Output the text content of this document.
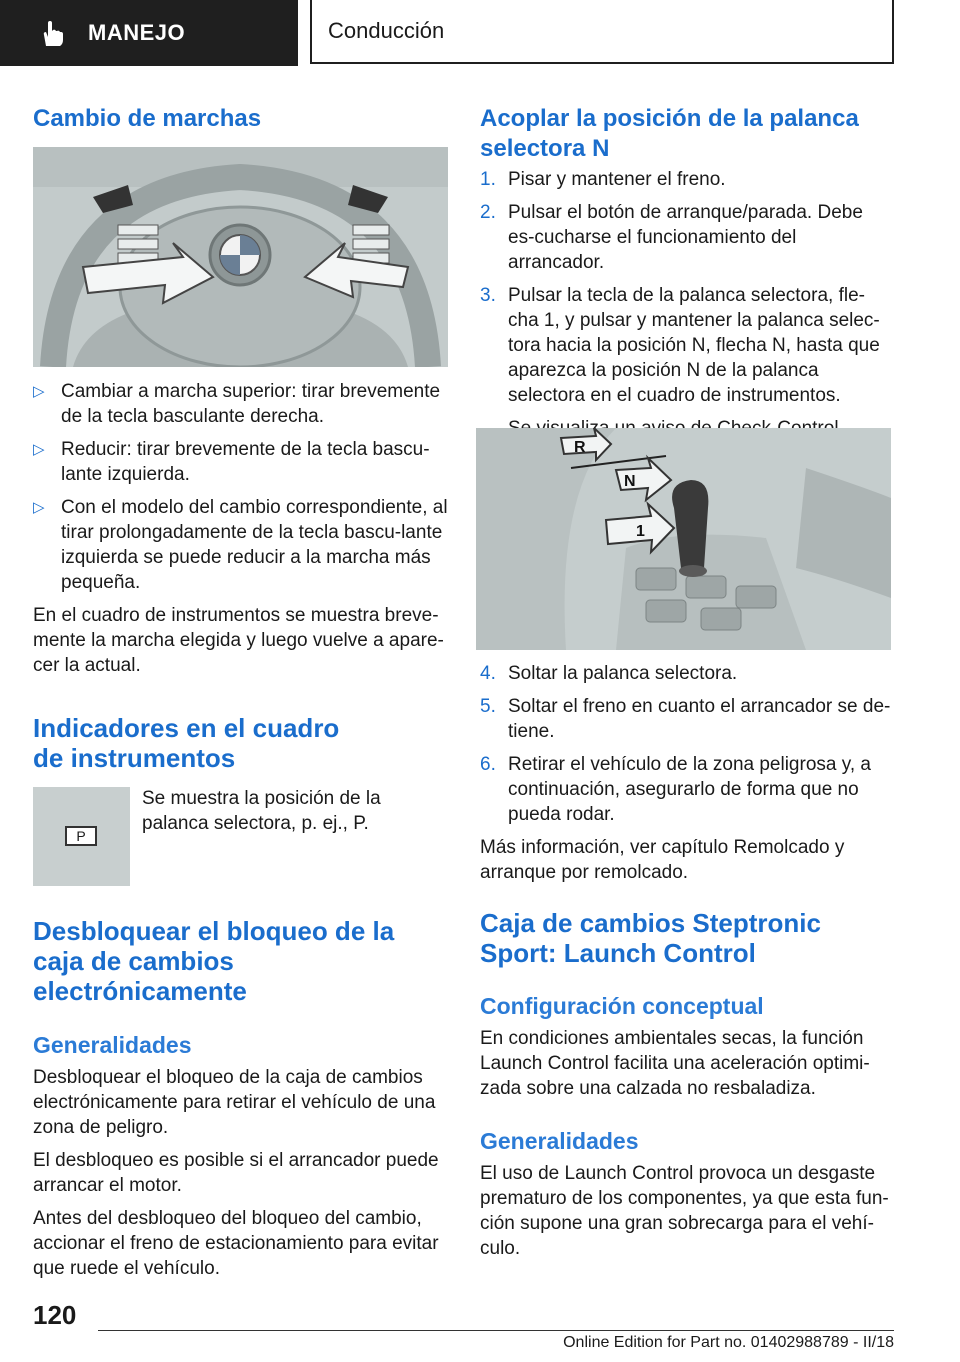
MANEJO	Conducción
Cambio de marchas
▷ Cambiar a marcha superior: tirar brevemente de la tecla basculante derecha.
▷ Reducir: tirar brevemente de la tecla bascu-lante izquierda.
▷ Con el modelo del cambio correspondiente, al tirar prolongadamente de la tecla bascu-lante izquierda se puede reducir a la marcha más pequeña.

En el cuadro de instrumentos se muestra breve-mente la marcha elegida y luego vuelve a apare-cer la actual.

Indicadores en el cuadro
de instrumentos
P

Se muestra la posición de la palanca selectora, p. ej., P.

Desbloquear el bloqueo de la
caja de cambios
electrónicamente
Generalidades

Desbloquear el bloqueo de la caja de cambios electrónicamente para retirar el vehículo de una zona de peligro.

El desbloqueo es posible si el arrancador puede arrancar el motor.

Antes del desbloqueo del bloqueo del cambio, accionar el freno de estacionamiento para evitar que ruede el vehículo.

Acoplar la posición de la palanca
selectora N
1. Pisar y mantener el freno.
2. Pulsar el botón de arranque/parada. Debe es-cucharse el funcionamiento del arrancador.
3. Pulsar la tecla de la palanca selectora, fle-cha 1, y pulsar y mantener la palanca selec-tora hacia la posición N, flecha N, hasta que aparezca la posición N de la palanca selectora en el cuadro de instrumentos.

R
N
1
4. Soltar la palanca selectora.
5. Soltar el freno en cuanto el arrancador se de-tiene.
6. Retirar el vehículo de la zona peligrosa y, a continuación, asegurarlo de forma que no pueda rodar.

Más información, ver capítulo Remolcado y arranque por remolcado.

Caja de cambios Steptronic
Sport: Launch Control
Configuración conceptual

En condiciones ambientales secas, la función Launch Control facilita una aceleración optimi-zada sobre una calzada no resbaladiza.

Generalidades

El uso de Launch Control provoca un desgaste prematuro de los componentes, ya que esta fun-ción supone una gran sobrecarga para el vehí-culo.

120
Online Edition for Part no. 01402988789 - II/18
